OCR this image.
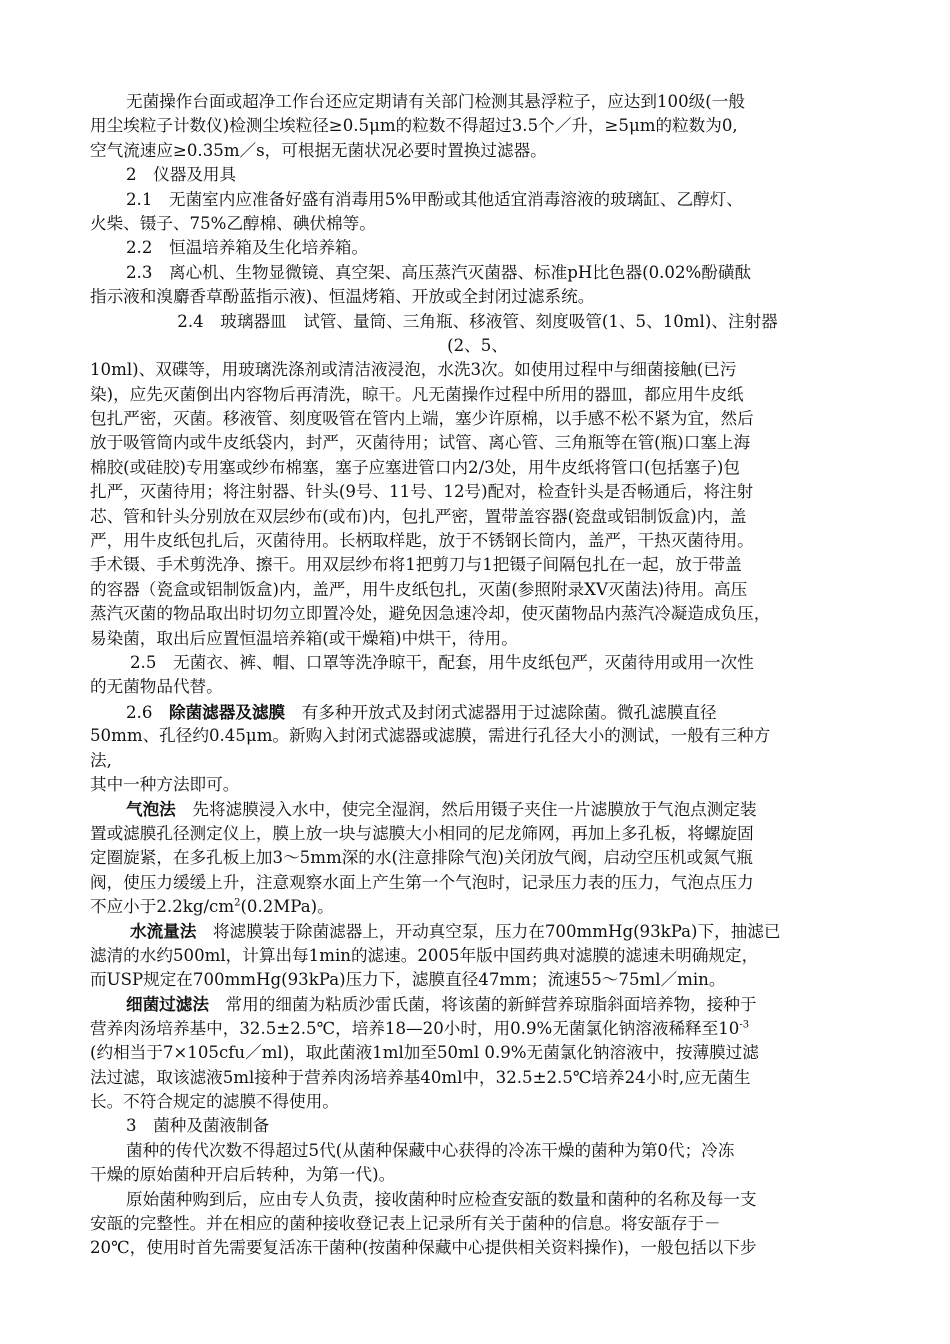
无菌操作台面或超净工作台还应定期请有关部门检测其悬浮粒子，应达到100级(一般
用尘埃粒子计数仪)检测尘埃粒径≥0.5μm的粒数不得超过3.5个／升，≥5μm的粒数为0,
空气流速应≥0.35m／s，可根据无菌状况必要时置换过滤器。
2　仪器及用具
2.1　无菌室内应准备好盛有消毒用5%甲酚或其他适宜消毒溶液的玻璃缸、乙醇灯、
火柴、镊子、75%乙醇棉、碘伏棉等。
2.2　恒温培养箱及生化培养箱。
2.3　离心机、生物显微镜、真空架、高压蒸汽灭菌器、标准pH比色器(0.02%酚磺酞
指示液和溴麝香草酚蓝指示液)、恒温烤箱、开放或全封闭过滤系统。
2.4　玻璃器皿　试管、量筒、三角瓶、移液管、刻度吸管(1、5、10ml)、注射器
(2、5、
10ml)、双碟等，用玻璃洗涤剂或清洁液浸泡，水洗3次。如使用过程中与细菌接触(已污
染)，应先灭菌倒出内容物后再清洗，晾干。凡无菌操作过程中所用的器皿，都应用牛皮纸
包扎严密，灭菌。移液管、刻度吸管在管内上端，塞少许原棉，以手感不松不紧为宜，然后
放于吸管筒内或牛皮纸袋内，封严，灭菌待用；试管、离心管、三角瓶等在管(瓶)口塞上海
棉胶(或硅胶)专用塞或纱布棉塞，塞子应塞进管口内2/3处，用牛皮纸将管口(包括塞子)包
扎严，灭菌待用；将注射器、针头(9号、11号、12号)配对，检查针头是否畅通后，将注射
芯、管和针头分别放在双层纱布(或布)内，包扎严密，置带盖容器(瓷盘或铝制饭盒)内，盖
严，用牛皮纸包扎后，灭菌待用。长柄取样匙，放于不锈钢长筒内，盖严，干热灭菌待用。
手术镊、手术剪洗净、擦干。用双层纱布将1把剪刀与1把镊子间隔包扎在一起，放于带盖
的容器（瓷盒或铝制饭盒)内，盖严，用牛皮纸包扎，灭菌(参照附录XV灭菌法)待用。高压
蒸汽灭菌的物品取出时切勿立即置冷处，避免因急速冷却，使灭菌物品内蒸汽冷凝造成负压，
易染菌，取出后应置恒温培养箱(或干燥箱)中烘干，待用。
2.5　无菌衣、裤、帽、口罩等洗净晾干，配套，用牛皮纸包严，灭菌待用或用一次性
的无菌物品代替。
2.6　除菌滤器及滤膜　有多种开放式及封闭式滤器用于过滤除菌。微孔滤膜直径
50mm、孔径约0.45μm。新购入封闭式滤器或滤膜，需进行孔径大小的测试，一般有三种方
法,
其中一种方法即可。
气泡法　先将滤膜浸入水中，使完全湿润，然后用镊子夹住一片滤膜放于气泡点测定装
置或滤膜孔径测定仪上，膜上放一块与滤膜大小相同的尼龙筛网，再加上多孔板，将螺旋固
定圈旋紧，在多孔板上加3～5mm深的水(注意排除气泡)关闭放气阀，启动空压机或氮气瓶
阀，使压力缓缓上升，注意观察水面上产生第一个气泡时，记录压力表的压力，气泡点压力
不应小于$2.2kg/cm^2(0.2MPa)$。
水流量法　将滤膜装于除菌滤器上，开动真空泵，压力在700mmHg(93kPa)下，抽滤已
滤清的水约500ml，计算出每1min的滤速。2005年版中国药典对滤膜的滤速未明确规定，
而USP规定在700mmHg(93kPa)压力下，滤膜直径47mm；流速55～75ml／min。
细菌过滤法　常用的细菌为粘质沙雷氏菌，将该菌的新鲜营养琼脂斜面培养物，接种于
营养肉汤培养基中，32.5±2.5℃，培养18—20小时，用0.9%无菌氯化钠溶液稀释至$10^{-3}$
(约相当于7×105cfu／ml)，取此菌液1ml加至50ml 0.9%无菌氯化钠溶液中，按薄膜过滤
法过滤，取该滤液5ml接种于营养肉汤培养基40ml中，32.5±2.5℃培养24小时,应无菌生
长。不符合规定的滤膜不得使用。
3　菌种及菌液制备
菌种的传代次数不得超过5代(从菌种保藏中心获得的冷冻干燥的菌种为第0代；冷冻
干燥的原始菌种开启后转种，为第一代)。
原始菌种购到后，应由专人负责，接收菌种时应检查安瓿的数量和菌种的名称及每一支
安瓿的完整性。并在相应的菌种接收登记表上记录所有关于菌种的信息。将安瓿存于－
20℃，使用时首先需要复活冻干菌种(按菌种保藏中心提供相关资料操作)，一般包括以下步
